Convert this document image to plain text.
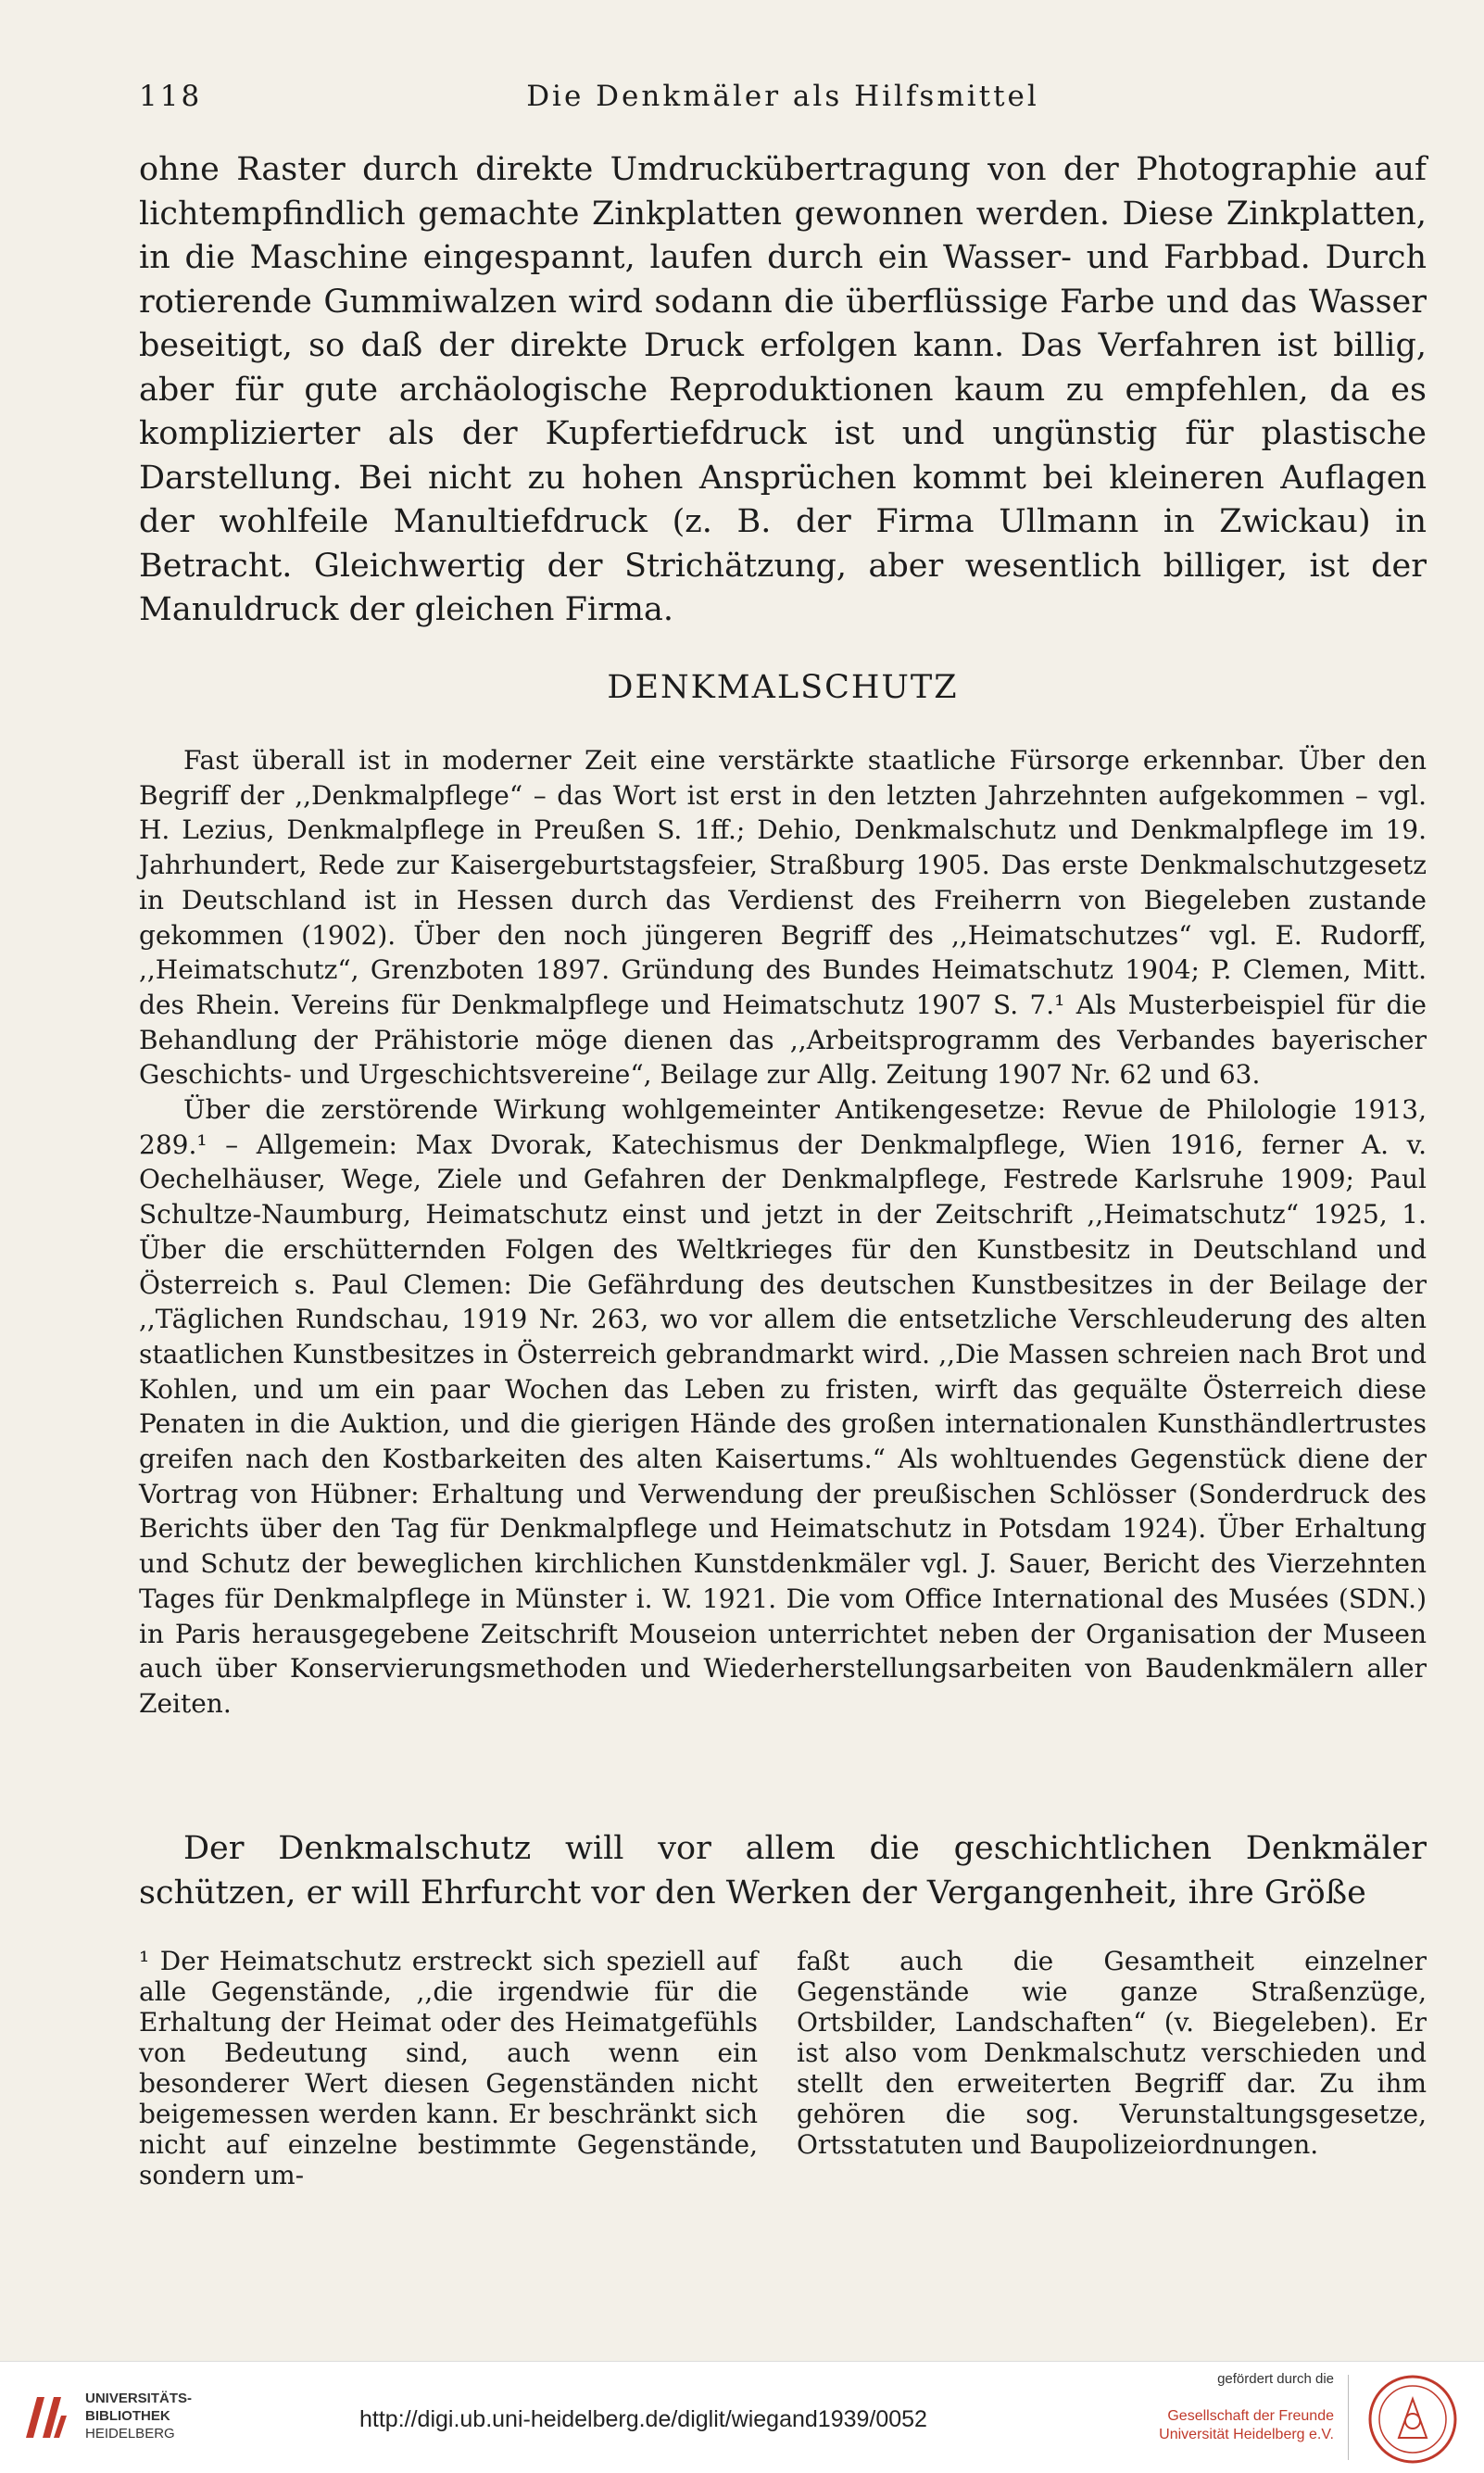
118	Die Denkmäler als Hilfsmittel
ohne Raster durch direkte Umdruckübertragung von der Photographie auf lichtempfindlich gemachte Zinkplatten gewonnen werden. Diese Zinkplatten, in die Maschine eingespannt, laufen durch ein Wasser- und Farbbad. Durch rotierende Gummiwalzen wird sodann die überflüssige Farbe und das Wasser beseitigt, so daß der direkte Druck erfolgen kann. Das Verfahren ist billig, aber für gute archäologische Reproduktionen kaum zu empfehlen, da es komplizierter als der Kupfertiefdruck ist und ungünstig für plastische Darstellung. Bei nicht zu hohen Ansprüchen kommt bei kleineren Auflagen der wohlfeile Manultiefdruck (z. B. der Firma Ullmann in Zwickau) in Betracht. Gleichwertig der Strichätzung, aber wesentlich billiger, ist der Manuldruck der gleichen Firma.
DENKMALSCHUTZ

Fast überall ist in moderner Zeit eine verstärkte staatliche Fürsorge erkennbar. Über den Begriff der ,,Denkmalpflege“ – das Wort ist erst in den letzten Jahrzehnten aufgekommen – vgl. H. Lezius, Denkmalpflege in Preußen S. 1ff.; Dehio, Denkmalschutz und Denkmalpflege im 19. Jahrhundert, Rede zur Kaisergeburtstagsfeier, Straßburg 1905. Das erste Denkmalschutzgesetz in Deutschland ist in Hessen durch das Verdienst des Freiherrn von Biegeleben zustande gekommen (1902). Über den noch jüngeren Begriff des ,,Heimatschutzes“ vgl. E. Rudorff, ,,Heimatschutz“, Grenzboten 1897. Gründung des Bundes Heimatschutz 1904; P. Clemen, Mitt. des Rhein. Vereins für Denkmalpflege und Heimatschutz 1907 S. 7.¹ Als Musterbeispiel für die Behandlung der Prähistorie möge dienen das ,,Arbeitsprogramm des Verbandes bayerischer Geschichts- und Urgeschichtsvereine“, Beilage zur Allg. Zeitung 1907 Nr. 62 und 63.

Über die zerstörende Wirkung wohlgemeinter Antikengesetze: Revue de Philologie 1913, 289.¹ – Allgemein: Max Dvorak, Katechismus der Denkmalpflege, Wien 1916, ferner A. v. Oechelhäuser, Wege, Ziele und Gefahren der Denkmalpflege, Festrede Karlsruhe 1909; Paul Schultze-Naumburg, Heimatschutz einst und jetzt in der Zeitschrift ,,Heimatschutz“ 1925, 1. Über die erschütternden Folgen des Weltkrieges für den Kunstbesitz in Deutschland und Österreich s. Paul Clemen: Die Gefährdung des deutschen Kunstbesitzes in der Beilage der ,,Täglichen Rundschau, 1919 Nr. 263, wo vor allem die entsetzliche Verschleuderung des alten staatlichen Kunstbesitzes in Österreich gebrandmarkt wird. ,,Die Massen schreien nach Brot und Kohlen, und um ein paar Wochen das Leben zu fristen, wirft das gequälte Österreich diese Penaten in die Auktion, und die gierigen Hände des großen internationalen Kunsthändlertrustes greifen nach den Kostbarkeiten des alten Kaisertums.“ Als wohltuendes Gegenstück diene der Vortrag von Hübner: Erhaltung und Verwendung der preußischen Schlösser (Sonderdruck des Berichts über den Tag für Denkmalpflege und Heimatschutz in Potsdam 1924). Über Erhaltung und Schutz der beweglichen kirchlichen Kunstdenkmäler vgl. J. Sauer, Bericht des Vierzehnten Tages für Denkmalpflege in Münster i. W. 1921. Die vom Office International des Musées (SDN.) in Paris herausgegebene Zeitschrift Mouseion unterrichtet neben der Organisation der Museen auch über Konservierungsmethoden und Wiederherstellungsarbeiten von Baudenkmälern aller Zeiten.

Der Denkmalschutz will vor allem die geschichtlichen Denkmäler schützen, er will Ehrfurcht vor den Werken der Vergangenheit, ihre Größe
¹ Der Heimatschutz erstreckt sich speziell auf alle Gegenstände, ,,die irgendwie für die Erhaltung der Heimat oder des Heimatgefühls von Bedeutung sind, auch wenn ein besonderer Wert diesen Gegenständen nicht beigemessen werden kann. Er beschränkt sich nicht auf einzelne bestimmte Gegenstände, sondern um-
faßt auch die Gesamtheit einzelner Gegenstände wie ganze Straßenzüge, Ortsbilder, Landschaften“ (v. Biegeleben). Er ist also vom Denkmalschutz verschieden und stellt den erweiterten Begriff dar. Zu ihm gehören die sog. Verunstaltungsgesetze, Ortsstatuten und Baupolizeiordnungen.
UNIVERSITÄTS-
BIBLIOTHEK
HEIDELBERG
http://digi.ub.uni-heidelberg.de/diglit/wiegand1939/0052
gefördert durch die
Gesellschaft der Freunde
Universität Heidelberg e.V.
